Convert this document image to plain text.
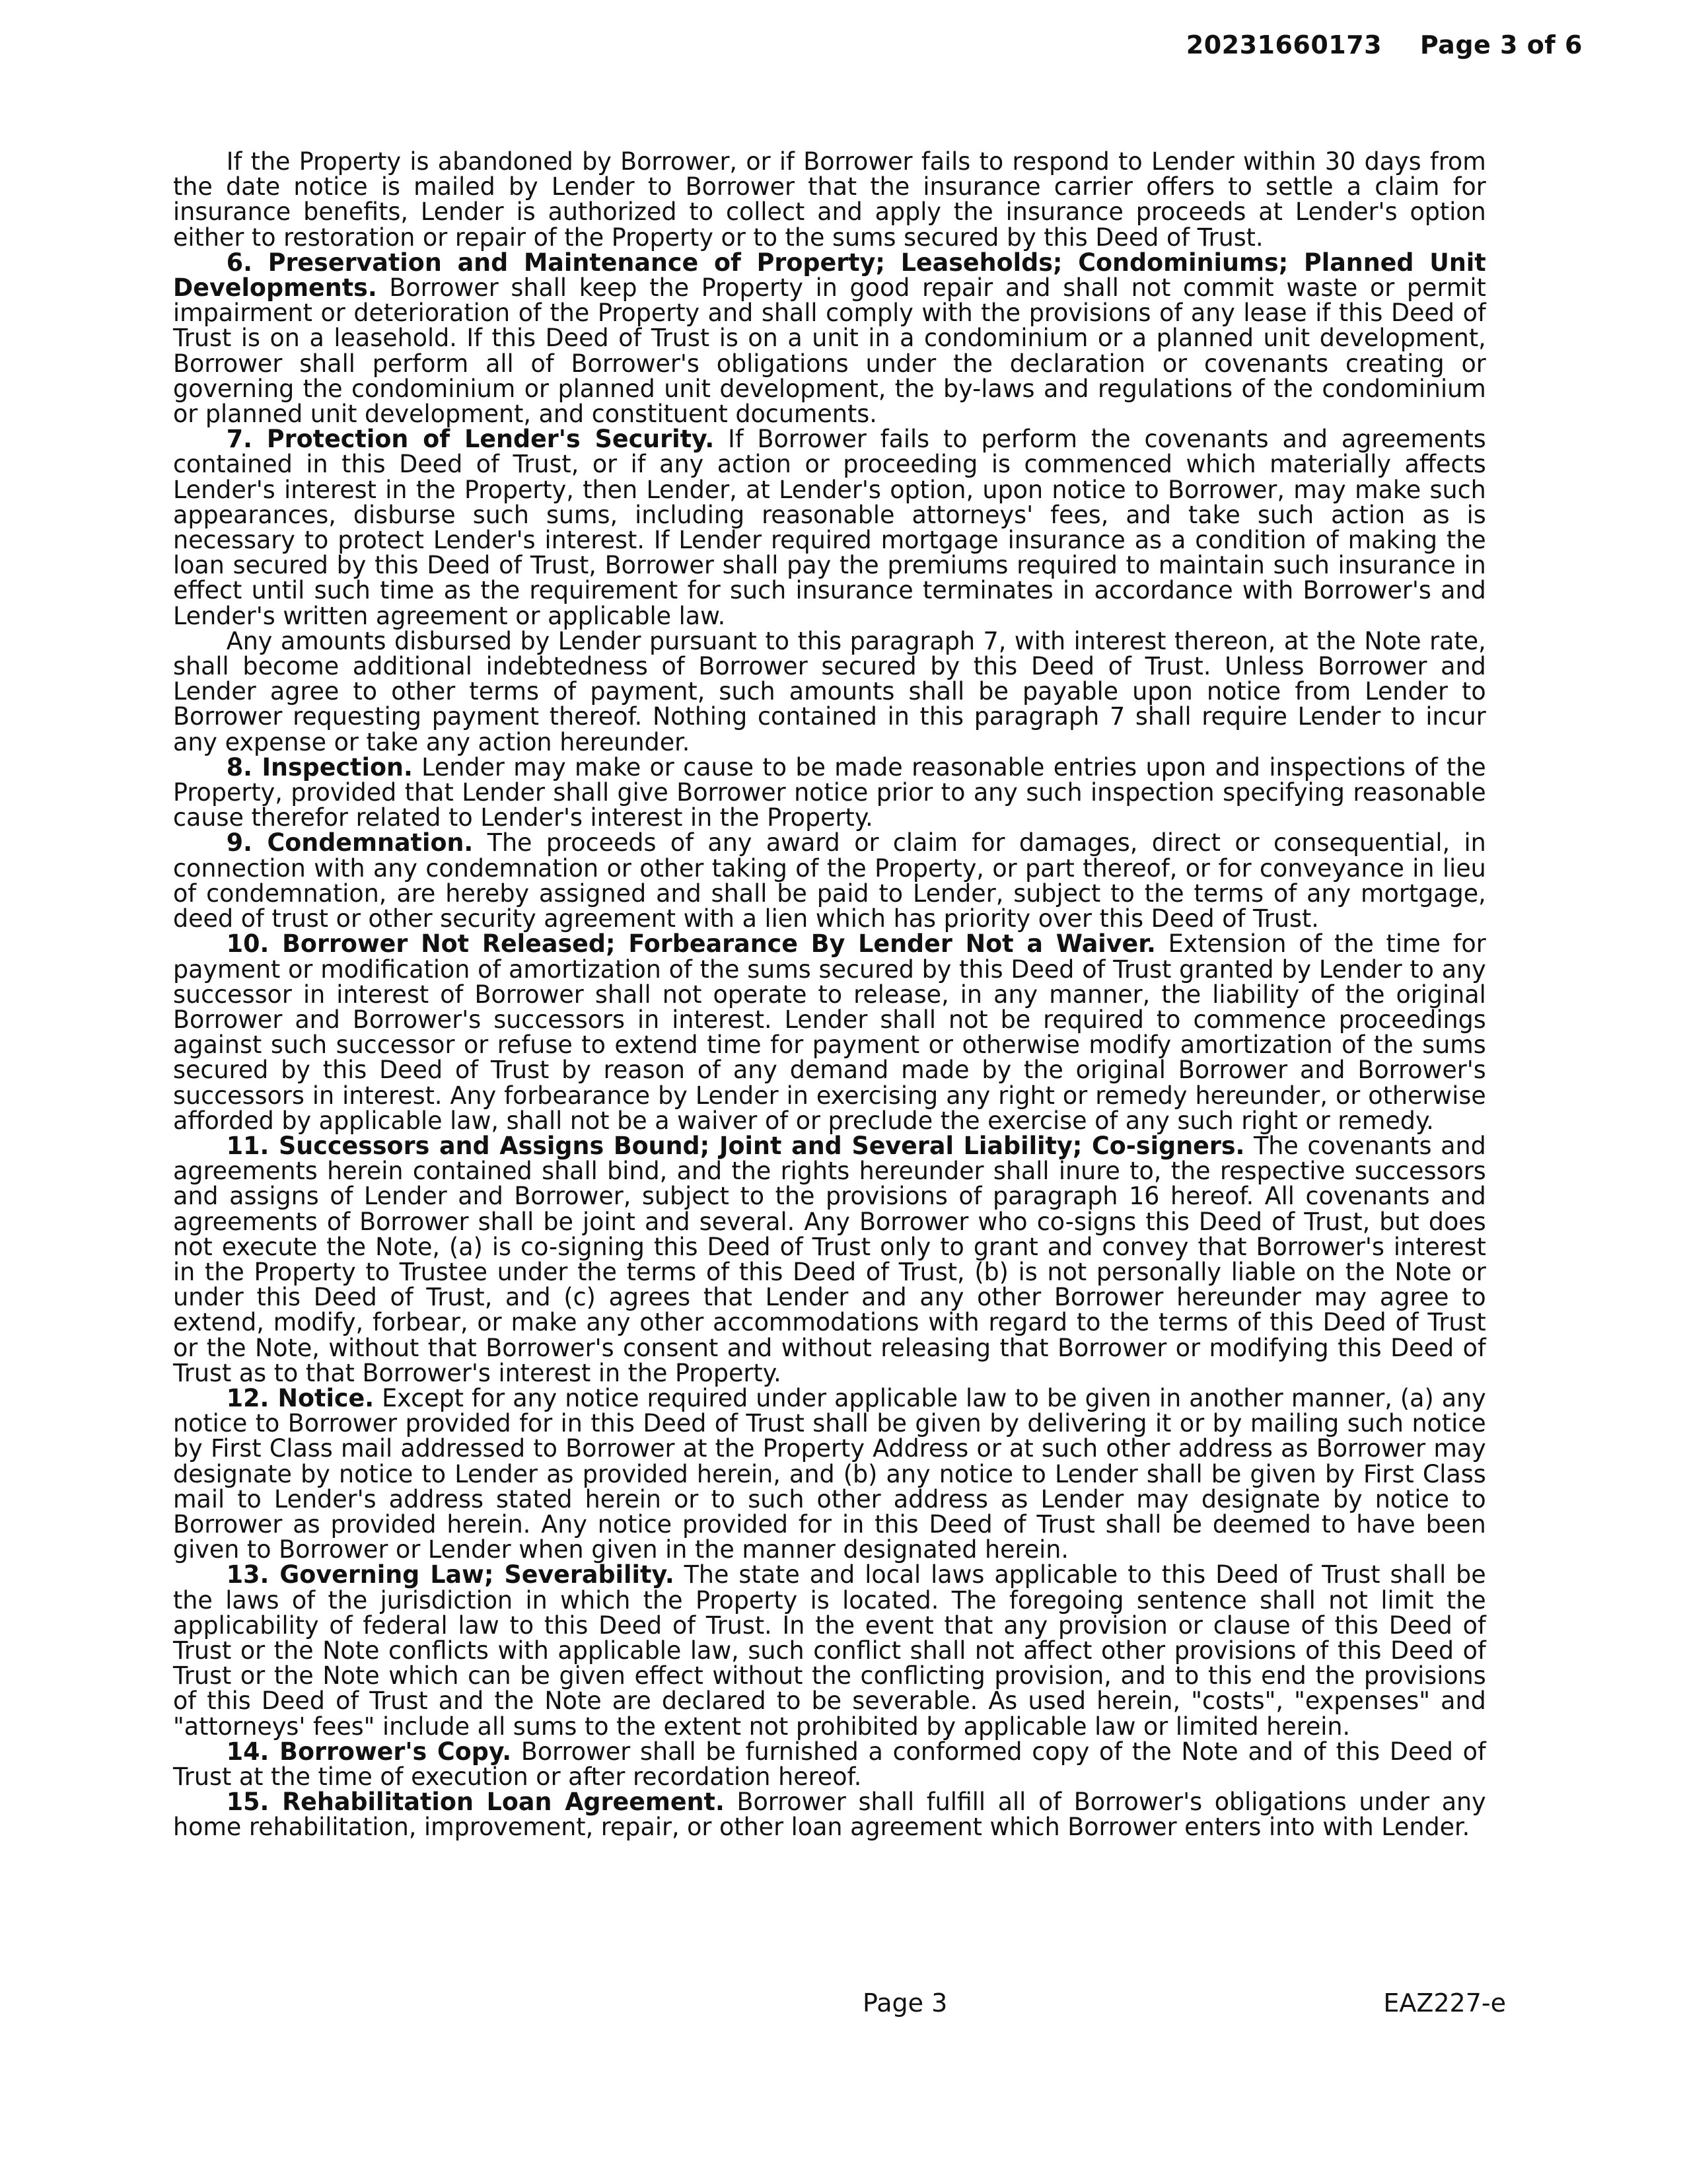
20231660173 Page 3 of 6

If the Property is abandoned by Borrower, or if Borrower fails to respond to Lender within 30 days from the date notice is mailed by Lender to Borrower that the insurance carrier offers to settle a claim for insurance benefits, Lender is authorized to collect and apply the insurance proceeds at Lender's option either to restoration or repair of the Property or to the sums secured by this Deed of Trust.

6. Preservation and Maintenance of Property; Leaseholds; Condominiums; Planned Unit Developments. Borrower shall keep the Property in good repair and shall not commit waste or permit impairment or deterioration of the Property and shall comply with the provisions of any lease if this Deed of Trust is on a leasehold. If this Deed of Trust is on a unit in a condominium or a planned unit development, Borrower shall perform all of Borrower's obligations under the declaration or covenants creating or governing the condominium or planned unit development, the by-laws and regulations of the condominium or planned unit development, and constituent documents.

7. Protection of Lender's Security. If Borrower fails to perform the covenants and agreements contained in this Deed of Trust, or if any action or proceeding is commenced which materially affects Lender's interest in the Property, then Lender, at Lender's option, upon notice to Borrower, may make such appearances, disburse such sums, including reasonable attorneys' fees, and take such action as is necessary to protect Lender's interest. If Lender required mortgage insurance as a condition of making the loan secured by this Deed of Trust, Borrower shall pay the premiums required to maintain such insurance in effect until such time as the requirement for such insurance terminates in accordance with Borrower's and Lender's written agreement or applicable law.

Any amounts disbursed by Lender pursuant to this paragraph 7, with interest thereon, at the Note rate, shall become additional indebtedness of Borrower secured by this Deed of Trust. Unless Borrower and Lender agree to other terms of payment, such amounts shall be payable upon notice from Lender to Borrower requesting payment thereof. Nothing contained in this paragraph 7 shall require Lender to incur any expense or take any action hereunder.

8. Inspection. Lender may make or cause to be made reasonable entries upon and inspections of the Property, provided that Lender shall give Borrower notice prior to any such inspection specifying reasonable cause therefor related to Lender's interest in the Property.

9. Condemnation. The proceeds of any award or claim for damages, direct or consequential, in connection with any condemnation or other taking of the Property, or part thereof, or for conveyance in lieu of condemnation, are hereby assigned and shall be paid to Lender, subject to the terms of any mortgage, deed of trust or other security agreement with a lien which has priority over this Deed of Trust.

10. Borrower Not Released; Forbearance By Lender Not a Waiver. Extension of the time for payment or modification of amortization of the sums secured by this Deed of Trust granted by Lender to any successor in interest of Borrower shall not operate to release, in any manner, the liability of the original Borrower and Borrower's successors in interest. Lender shall not be required to commence proceedings against such successor or refuse to extend time for payment or otherwise modify amortization of the sums secured by this Deed of Trust by reason of any demand made by the original Borrower and Borrower's successors in interest. Any forbearance by Lender in exercising any right or remedy hereunder, or otherwise afforded by applicable law, shall not be a waiver of or preclude the exercise of any such right or remedy.

11. Successors and Assigns Bound; Joint and Several Liability; Co-signers. The covenants and agreements herein contained shall bind, and the rights hereunder shall inure to, the respective successors and assigns of Lender and Borrower, subject to the provisions of paragraph 16 hereof. All covenants and agreements of Borrower shall be joint and several. Any Borrower who co-signs this Deed of Trust, but does not execute the Note, (a) is co-signing this Deed of Trust only to grant and convey that Borrower's interest in the Property to Trustee under the terms of this Deed of Trust, (b) is not personally liable on the Note or under this Deed of Trust, and (c) agrees that Lender and any other Borrower hereunder may agree to extend, modify, forbear, or make any other accommodations with regard to the terms of this Deed of Trust or the Note, without that Borrower's consent and without releasing that Borrower or modifying this Deed of Trust as to that Borrower's interest in the Property.

12. Notice. Except for any notice required under applicable law to be given in another manner, (a) any notice to Borrower provided for in this Deed of Trust shall be given by delivering it or by mailing such notice by First Class mail addressed to Borrower at the Property Address or at such other address as Borrower may designate by notice to Lender as provided herein, and (b) any notice to Lender shall be given by First Class mail to Lender's address stated herein or to such other address as Lender may designate by notice to Borrower as provided herein. Any notice provided for in this Deed of Trust shall be deemed to have been given to Borrower or Lender when given in the manner designated herein.

13. Governing Law; Severability. The state and local laws applicable to this Deed of Trust shall be the laws of the jurisdiction in which the Property is located. The foregoing sentence shall not limit the applicability of federal law to this Deed of Trust. In the event that any provision or clause of this Deed of Trust or the Note conflicts with applicable law, such conflict shall not affect other provisions of this Deed of Trust or the Note which can be given effect without the conflicting provision, and to this end the provisions of this Deed of Trust and the Note are declared to be severable. As used herein, "costs", "expenses" and "attorneys' fees" include all sums to the extent not prohibited by applicable law or limited herein.

14. Borrower's Copy. Borrower shall be furnished a conformed copy of the Note and of this Deed of Trust at the time of execution or after recordation hereof.

15. Rehabilitation Loan Agreement. Borrower shall fulfill all of Borrower's obligations under any home rehabilitation, improvement, repair, or other loan agreement which Borrower enters into with Lender.

Page 3	EAZ227-e
